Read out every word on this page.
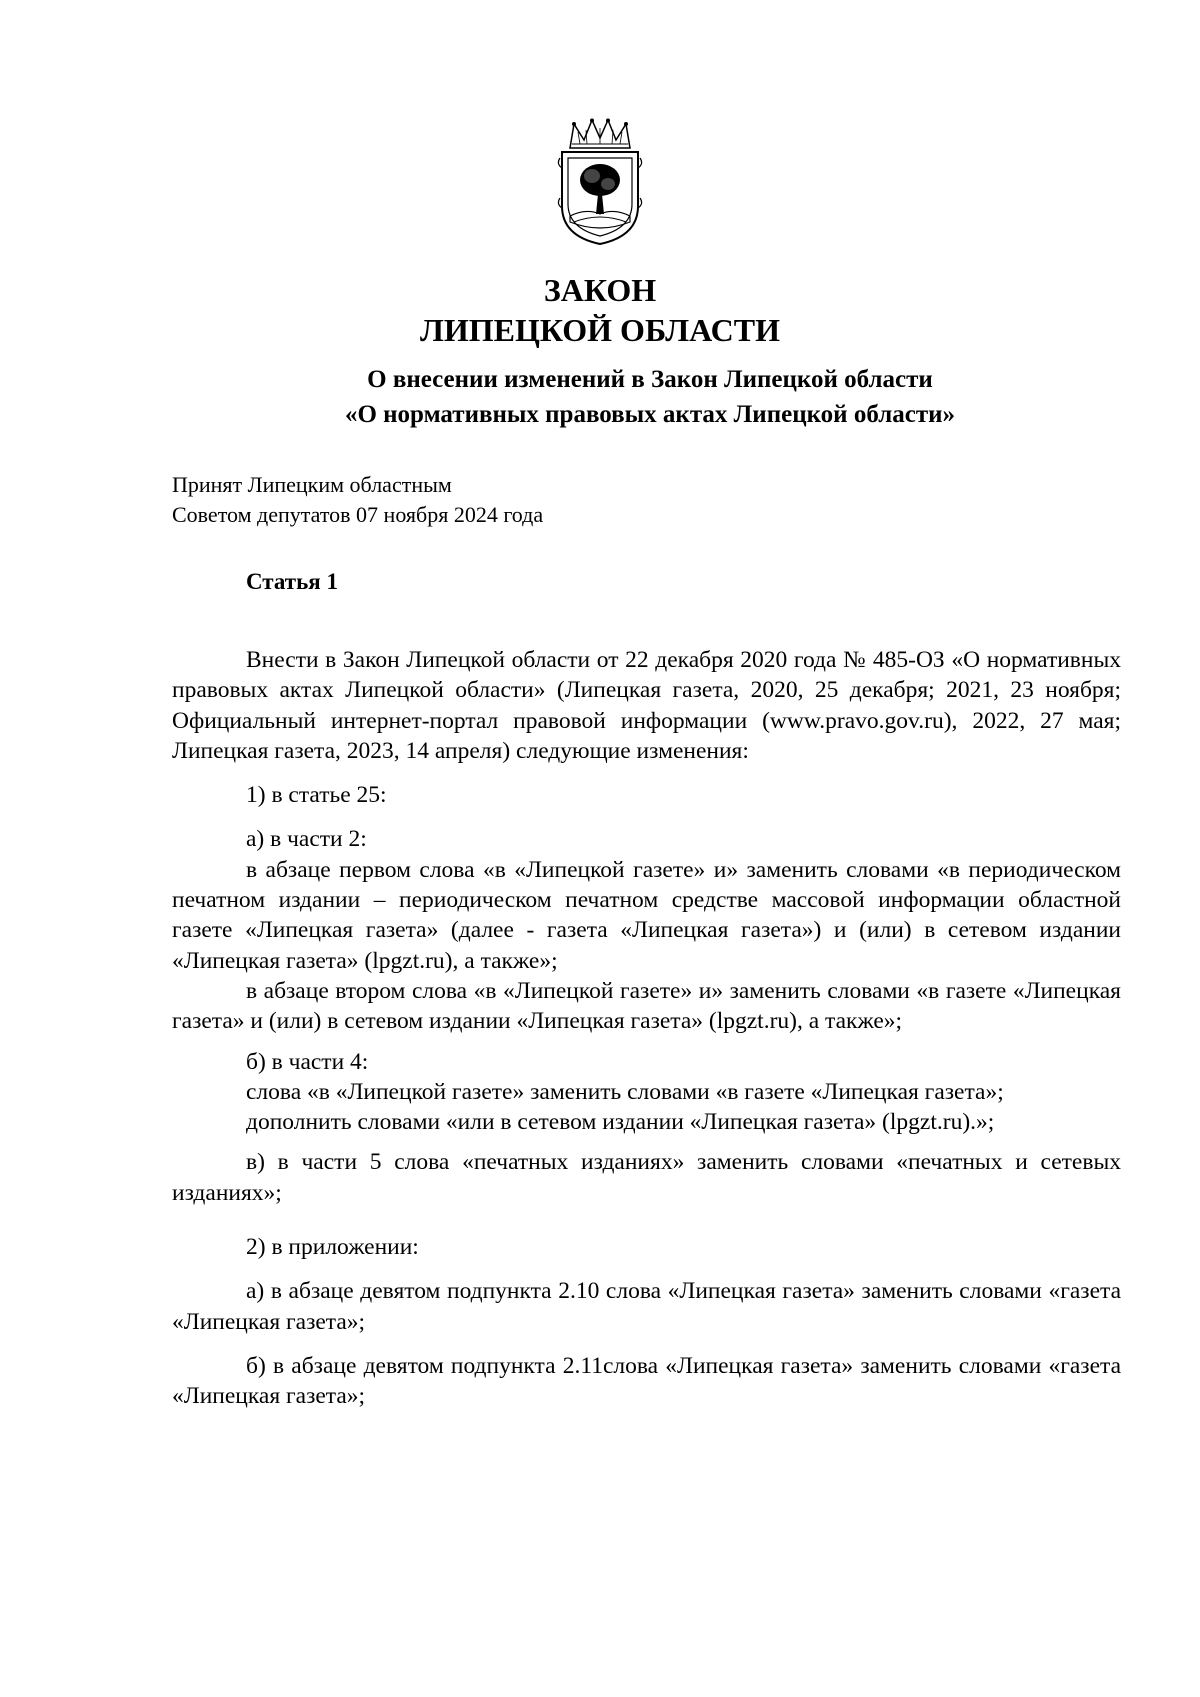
ЗАКОН
ЛИПЕЦКОЙ ОБЛАСТИ
О внесении изменений в Закон Липецкой области
«О нормативных правовых актах Липецкой области»
Принят Липецким областным
Советом депутатов 07 ноября 2024 года
Статья 1

Внести в Закон Липецкой области от 22 декабря 2020 года № 485-ОЗ «О нормативных правовых актах Липецкой области» (Липецкая газета, 2020, 25 декабря; 2021, 23 ноября; Официальный интернет-портал правовой информации (www.pravo.gov.ru), 2022, 27 мая; Липецкая газета, 2023, 14 апреля) следующие изменения:

1) в статье 25:

а) в части 2:

в абзаце первом слова «в «Липецкой газете» и» заменить словами «в периодическом печатном издании – периодическом печатном средстве массовой информации областной газете «Липецкая газета» (далее - газета «Липецкая газета») и (или) в сетевом издании «Липецкая газета» (lpgzt.ru), а также»;

в абзаце втором слова «в «Липецкой газете» и» заменить словами «в газете «Липецкая газета» и (или) в сетевом издании «Липецкая газета» (lpgzt.ru), а также»;

б) в части 4:

слова «в «Липецкой газете» заменить словами «в газете «Липецкая газета»;

дополнить словами «или в сетевом издании «Липецкая газета» (lpgzt.ru).»;

в) в части 5 слова «печатных изданиях» заменить словами «печатных и сетевых изданиях»;

2) в приложении:

а) в абзаце девятом подпункта 2.10 слова «Липецкая газета» заменить словами «газета «Липецкая газета»;

б) в абзаце девятом подпункта 2.11слова «Липецкая газета» заменить словами «газета «Липецкая газета»;
